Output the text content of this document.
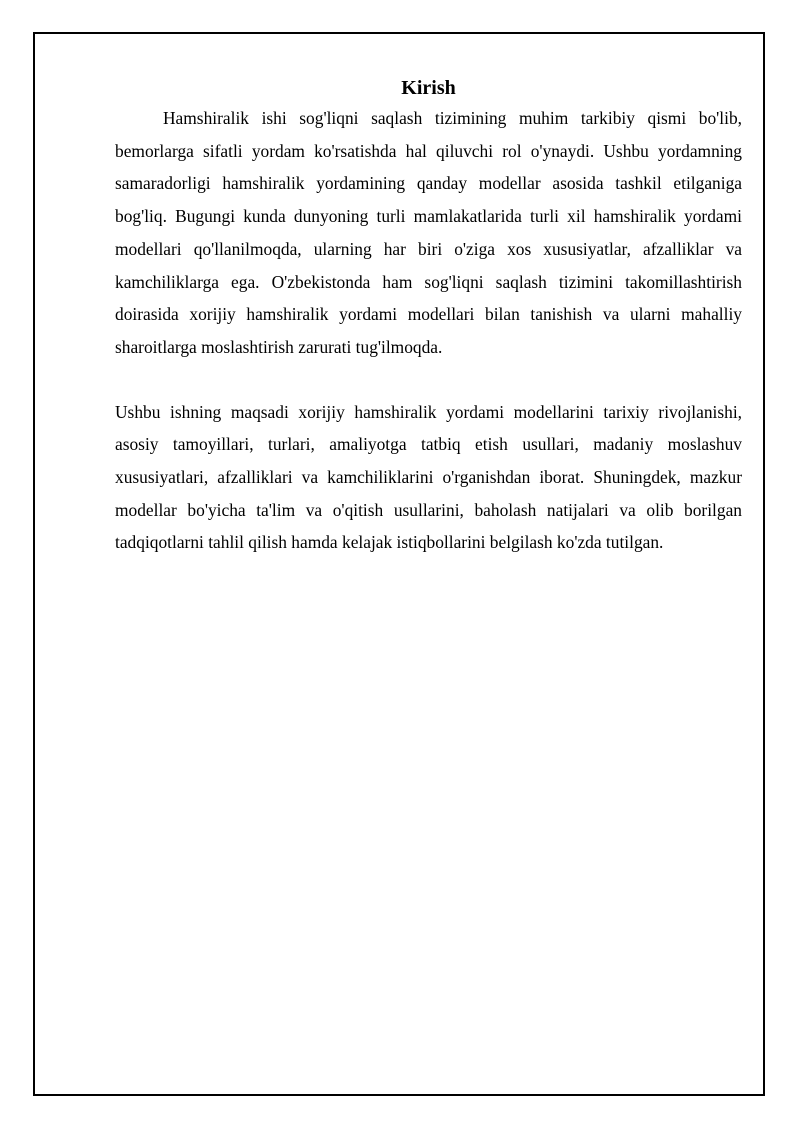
Kirish

Hamshiralik ishi sog'liqni saqlash tizimining muhim tarkibiy qismi bo'lib, bemorlarga sifatli yordam ko'rsatishda hal qiluvchi rol o'ynaydi. Ushbu yordamning samaradorligi hamshiralik yordamining qanday modellar asosida tashkil etilganiga bog'liq. Bugungi kunda dunyoning turli mamlakatlarida turli xil hamshiralik yordami modellari qo'llanilmoqda, ularning har biri o'ziga xos xususiyatlar, afzalliklar va kamchiliklarga ega. O'zbekistonda ham sog'liqni saqlash tizimini takomillashtirish doirasida xorijiy hamshiralik yordami modellari bilan tanishish va ularni mahalliy sharoitlarga moslashtirish zarurati tug'ilmoqda.

Ushbu ishning maqsadi xorijiy hamshiralik yordami modellarini tarixiy rivojlanishi, asosiy tamoyillari, turlari, amaliyotga tatbiq etish usullari, madaniy moslashuv xususiyatlari, afzalliklari va kamchiliklarini o'rganishdan iborat. Shuningdek, mazkur modellar bo'yicha ta'lim va o'qitish usullarini, baholash natijalari va olib borilgan tadqiqotlarni tahlil qilish hamda kelajak istiqbollarini belgilash ko'zda tutilgan.
